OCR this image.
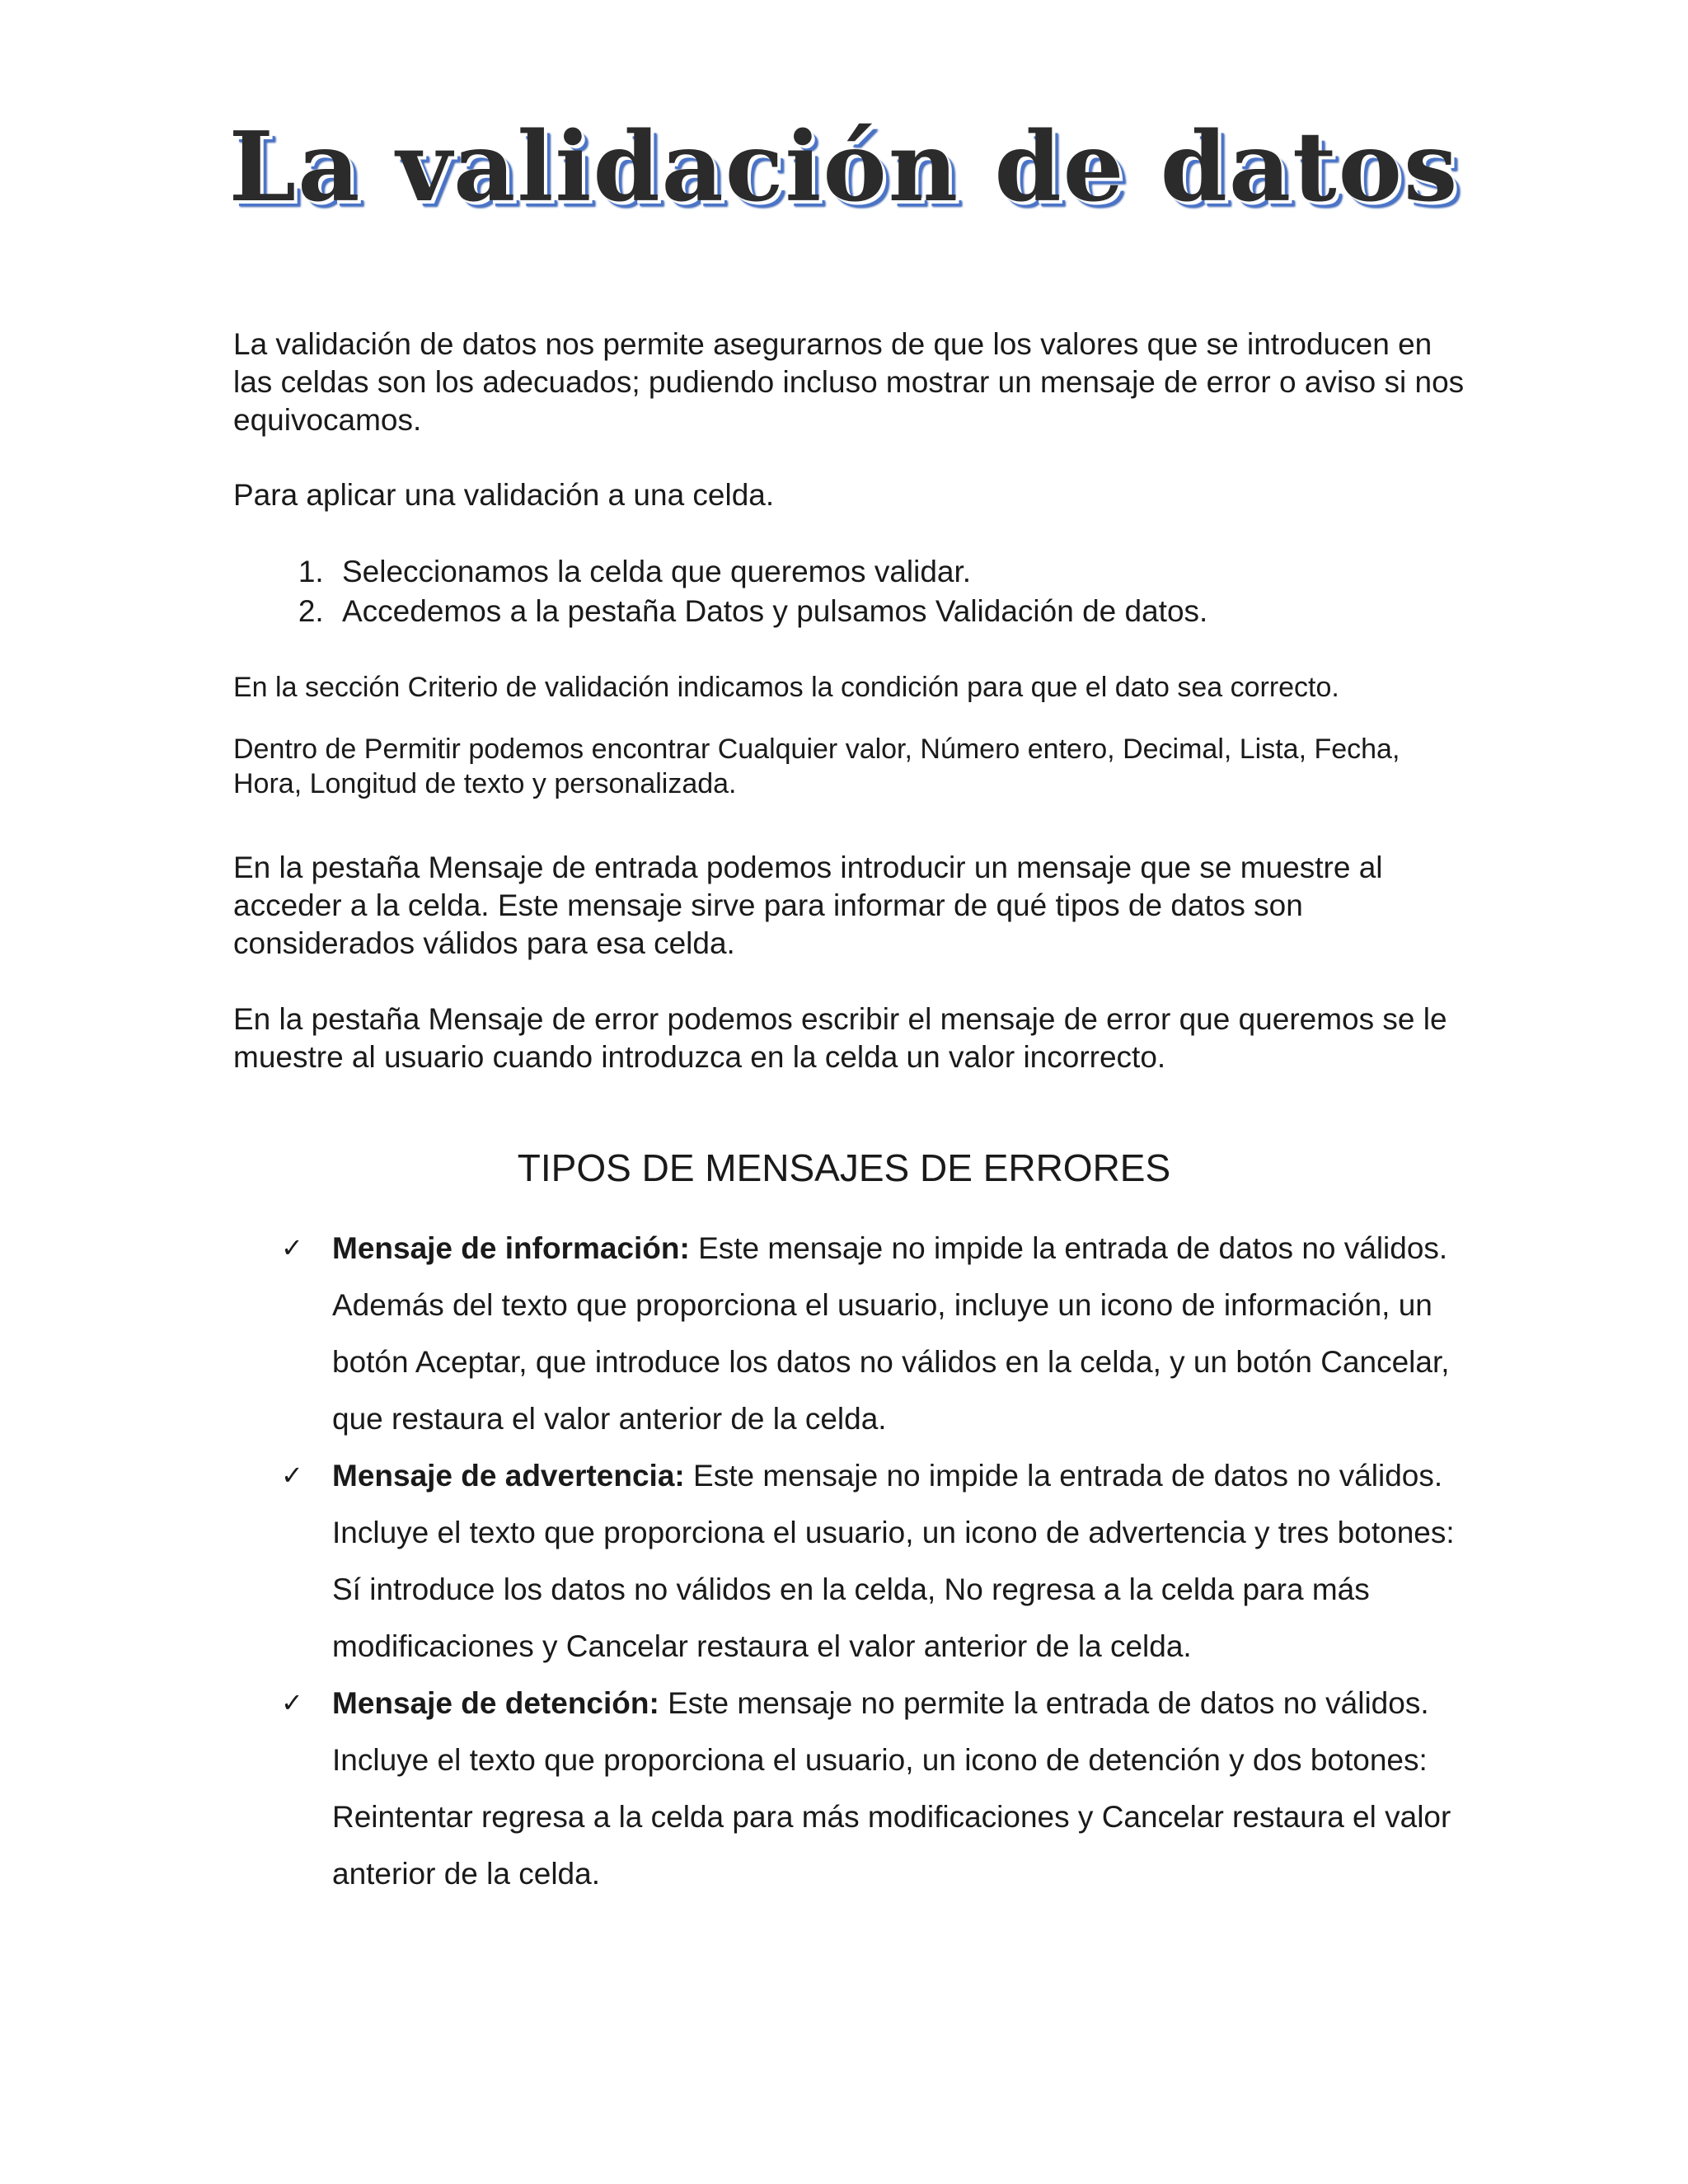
La validación de datos

La validación de datos nos permite asegurarnos de que los valores que se introducen en las celdas son los adecuados; pudiendo incluso mostrar un mensaje de error o aviso si nos equivocamos.

Para aplicar una validación a una celda.

1. Seleccionamos la celda que queremos validar.
2. Accedemos a la pestaña Datos y pulsamos Validación de datos.

En la sección Criterio de validación indicamos la condición para que el dato sea correcto.

Dentro de Permitir podemos encontrar Cualquier valor, Número entero, Decimal, Lista, Fecha, Hora, Longitud de texto y personalizada.

En la pestaña Mensaje de entrada podemos introducir un mensaje que se muestre al acceder a la celda. Este mensaje sirve para informar de qué tipos de datos son considerados válidos para esa celda.

En la pestaña Mensaje de error podemos escribir el mensaje de error que queremos se le muestre al usuario cuando introduzca en la celda un valor incorrecto.

TIPOS DE MENSAJES DE ERRORES
✓ Mensaje de información: Este mensaje no impide la entrada de datos no válidos. Además del texto que proporciona el usuario, incluye un icono de información, un botón Aceptar, que introduce los datos no válidos en la celda, y un botón Cancelar, que restaura el valor anterior de la celda.
✓ Mensaje de advertencia: Este mensaje no impide la entrada de datos no válidos. Incluye el texto que proporciona el usuario, un icono de advertencia y tres botones: Sí introduce los datos no válidos en la celda, No regresa a la celda para más modificaciones y Cancelar restaura el valor anterior de la celda.
✓ Mensaje de detención: Este mensaje no permite la entrada de datos no válidos. Incluye el texto que proporciona el usuario, un icono de detención y dos botones: Reintentar regresa a la celda para más modificaciones y Cancelar restaura el valor anterior de la celda.
